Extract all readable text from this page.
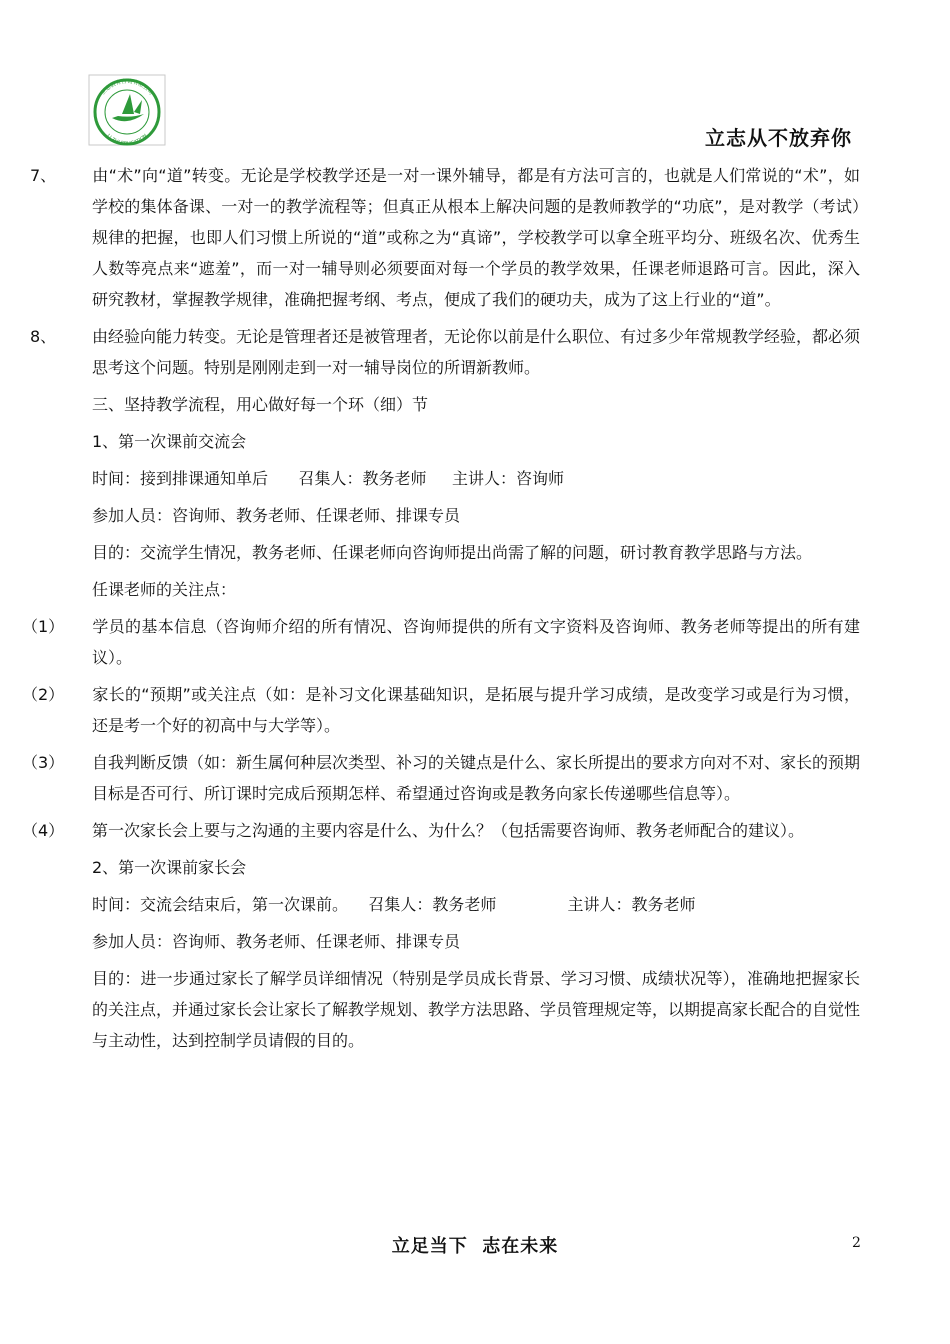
立志教育咨询有限公司
LI ZHI EDUCATION	立志从不放弃你

7、 由“术”向“道”转变。无论是学校教学还是一对一课外辅导，都是有方法可言的，也就是人们常说的“术”，如学校的集体备课、一对一的教学流程等；但真正从根本上解决问题的是教师教学的“功底”，是对教学（考试）规律的把握，也即人们习惯上所说的“道”或称之为“真谛”，学校教学可以拿全班平均分、班级名次、优秀生人数等亮点来“遮羞”，而一对一辅导则必须要面对每一个学员的教学效果，任课老师退路可言。因此，深入研究教材，掌握教学规律，准确把握考纲、考点，便成了我们的硬功夫，成为了这上行业的“道”。

8、 由经验向能力转变。无论是管理者还是被管理者，无论你以前是什么职位、有过多少年常规教学经验，都必须思考这个问题。特别是刚刚走到一对一辅导岗位的所谓新教师。

三、坚持教学流程，用心做好每一个环（细）节

1、第一次课前交流会

时间：接到排课通知单后      召集人：教务老师     主讲人：咨询师

参加人员：咨询师、教务老师、任课老师、排课专员

目的：交流学生情况，教务老师、任课老师向咨询师提出尚需了解的问题，研讨教育教学思路与方法。

任课老师的关注点：

（1） 学员的基本信息（咨询师介绍的所有情况、咨询师提供的所有文字资料及咨询师、教务老师等提出的所有建议）。

（2） 家长的“预期”或关注点（如：是补习文化课基础知识，是拓展与提升学习成绩，是改变学习或是行为习惯，还是考一个好的初高中与大学等）。

（3） 自我判断反馈（如：新生属何种层次类型、补习的关键点是什么、家长所提出的要求方向对不对、家长的预期目标是否可行、所订课时完成后预期怎样、希望通过咨询或是教务向家长传递哪些信息等）。

（4） 第一次家长会上要与之沟通的主要内容是什么、为什么？（包括需要咨询师、教务老师配合的建议）。

2、第一次课前家长会

时间：交流会结束后，第一次课前。    召集人：教务老师              主讲人：教务老师

参加人员：咨询师、教务老师、任课老师、排课专员

目的：进一步通过家长了解学员详细情况（特别是学员成长背景、学习习惯、成绩状况等），准确地把握家长的关注点，并通过家长会让家长了解教学规划、教学方法思路、学员管理规定等，以期提高家长配合的自觉性与主动性，达到控制学员请假的目的。

立足当下  志在未来	2
